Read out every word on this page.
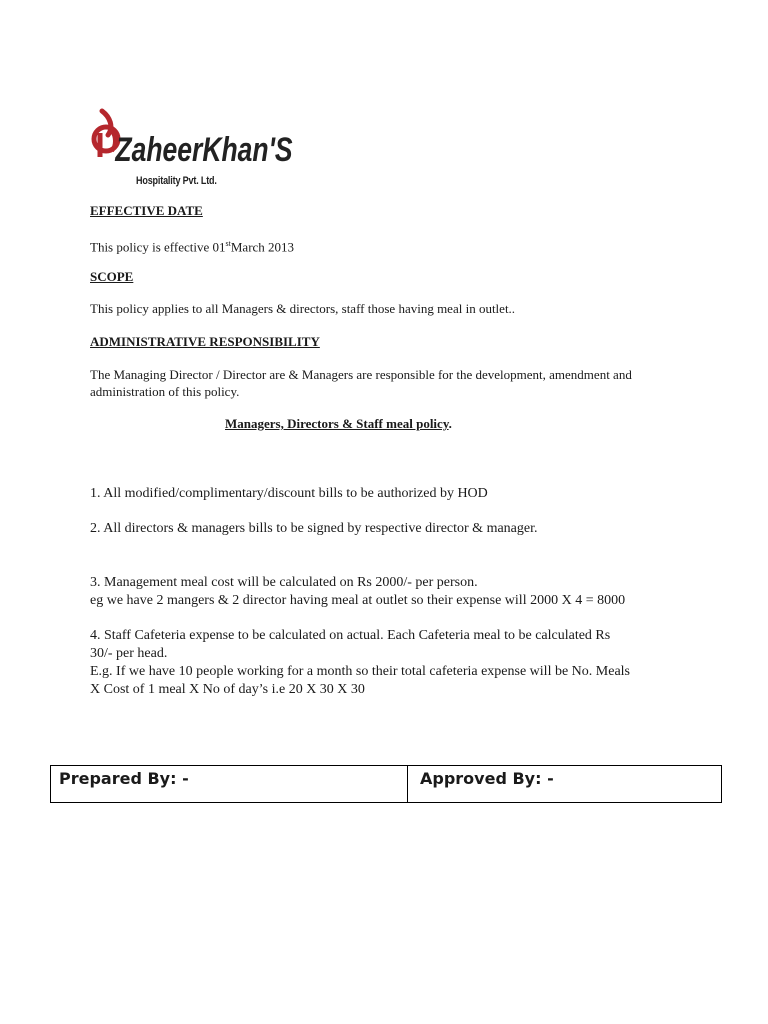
ZaheerKhan'S
Hospitality Pvt. Ltd.
EFFECTIVE DATE
This policy is effective 01stMarch 2013
SCOPE
This policy applies to all Managers & directors, staff those having meal in outlet..
ADMINISTRATIVE RESPONSIBILITY
The Managing Director / Director are & Managers are responsible for the development, amendment and
administration of this policy.
Managers, Directors & Staff meal policy.
1. All modified/complimentary/discount bills to be authorized by HOD
2. All directors & managers bills to be signed by respective director & manager.
3. Management meal cost will be calculated on Rs 2000/- per person.
eg we have 2 mangers & 2 director having meal at outlet so their expense will 2000 X 4 = 8000
4. Staff Cafeteria expense to be calculated on actual. Each Cafeteria meal to be calculated Rs
30/- per head.
E.g. If we have 10 people working for a month so their total cafeteria expense will be No. Meals
X Cost of 1 meal X No of day’s i.e 20 X 30 X 30
Prepared By: -	Approved By: -
